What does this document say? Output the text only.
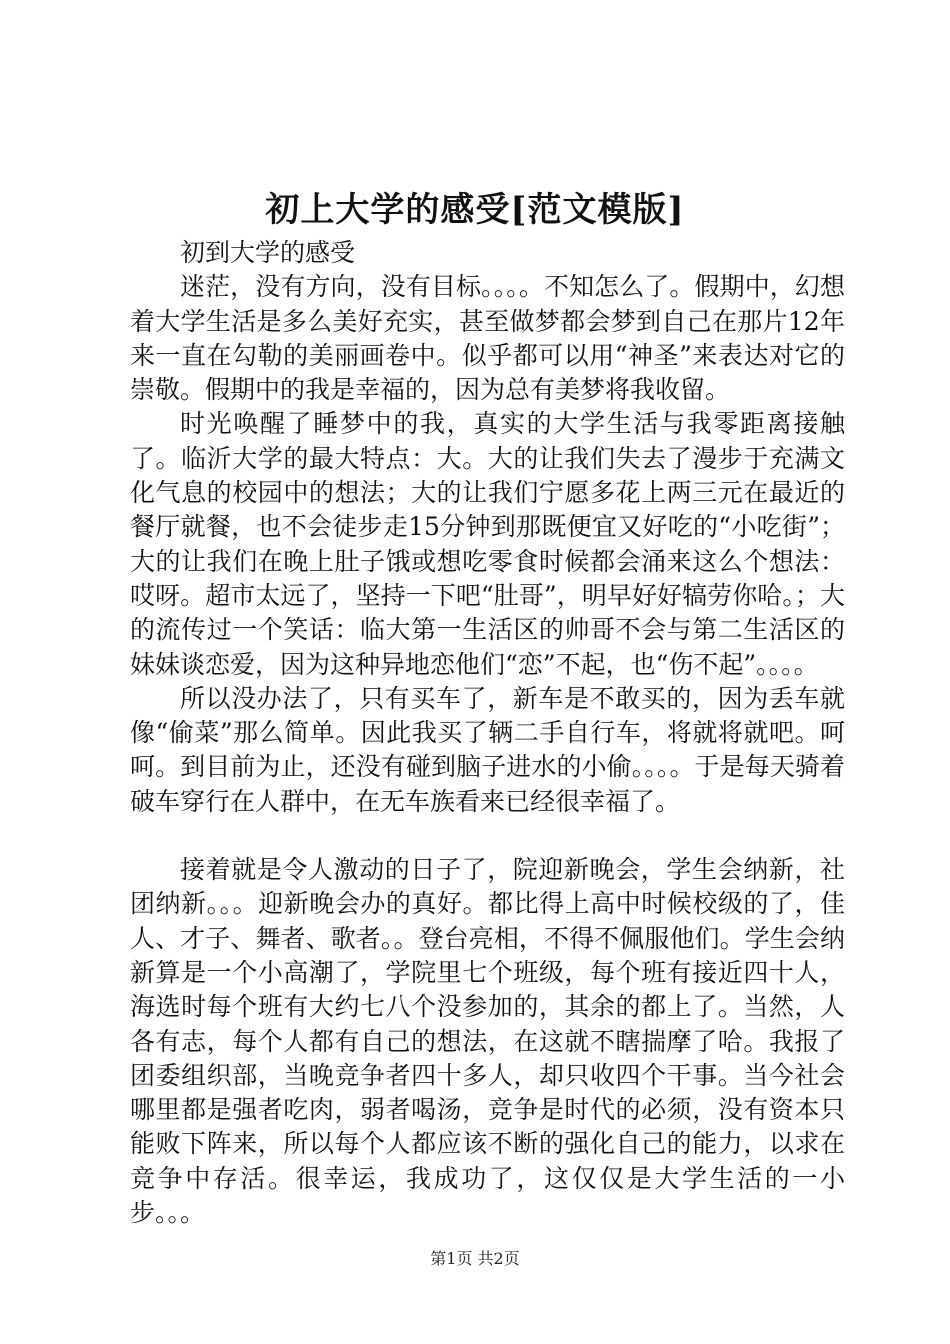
初上大学的感受[范文模版]

初到大学的感受

迷茫，没有方向，没有目标。。。。不知怎么了。假期中，幻想着大学生活是多么美好充实，甚至做梦都会梦到自己在那片12年来一直在勾勒的美丽画卷中。似乎都可以用“神圣”来表达对它的崇敬。假期中的我是幸福的，因为总有美梦将我收留。

时光唤醒了睡梦中的我，真实的大学生活与我零距离接触了。临沂大学的最大特点：大。大的让我们失去了漫步于充满文化气息的校园中的想法；大的让我们宁愿多花上两三元在最近的餐厅就餐，也不会徒步走15分钟到那既便宜又好吃的“小吃街”；大的让我们在晚上肚子饿或想吃零食时候都会涌来这么个想法：哎呀。超市太远了，坚持一下吧“肚哥”，明早好好犒劳你哈。；大的流传过一个笑话：临大第一生活区的帅哥不会与第二生活区的妹妹谈恋爱，因为这种异地恋他们“恋”不起，也“伤不起”。。。。

所以没办法了，只有买车了，新车是不敢买的，因为丢车就像“偷菜”那么简单。因此我买了辆二手自行车，将就将就吧。呵呵。到目前为止，还没有碰到脑子进水的小偷。。。。于是每天骑着破车穿行在人群中，在无车族看来已经很幸福了。

接着就是令人激动的日子了，院迎新晚会，学生会纳新，社团纳新。。。迎新晚会办的真好。都比得上高中时候校级的了，佳人、才子、舞者、歌者。。登台亮相，不得不佩服他们。学生会纳新算是一个小高潮了，学院里七个班级，每个班有接近四十人，海选时每个班有大约七八个没参加的，其余的都上了。当然，人各有志，每个人都有自己的想法，在这就不瞎揣摩了哈。我报了团委组织部，当晚竞争者四十多人，却只收四个干事。当今社会哪里都是强者吃肉，弱者喝汤，竞争是时代的必须，没有资本只能败下阵来，所以每个人都应该不断的强化自己的能力，以求在竞争中存活。很幸运，我成功了，这仅仅是大学生活的一小步。。。

第1页 共2页
